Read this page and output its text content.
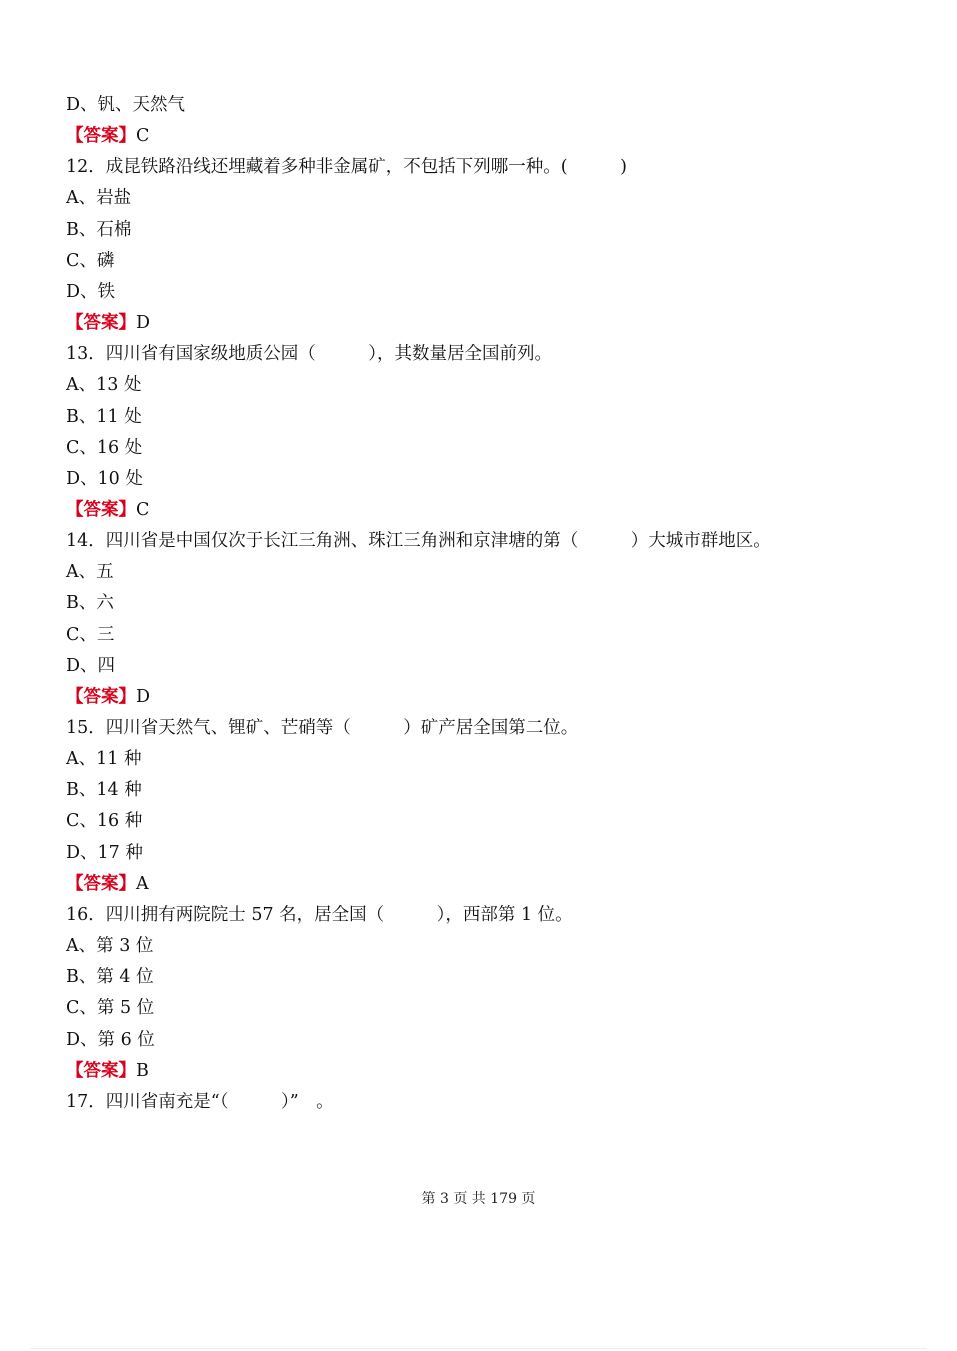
D、钒、天然气
【答案】C
12．成昆铁路沿线还埋藏着多种非金属矿，不包括下列哪一种。(　　　)
A、岩盐
B、石棉
C、磷
D、铁
【答案】D
13．四川省有国家级地质公园（　　　），其数量居全国前列。
A、13 处
B、11 处
C、16 处
D、10 处
【答案】C
14．四川省是中国仅次于长江三角洲、珠江三角洲和京津塘的第（　　　）大城市群地区。
A、五
B、六
C、三
D、四
【答案】D
15．四川省天然气、锂矿、芒硝等（　　　）矿产居全国第二位。
A、11 种
B、14 种
C、16 种
D、17 种
【答案】A
16．四川拥有两院院士 57 名，居全国（　　　），西部第 1 位。
A、第 3 位
B、第 4 位
C、第 5 位
D、第 6 位
【答案】B
17．四川省南充是“（　　　）”　。
第 3 页 共 179 页
